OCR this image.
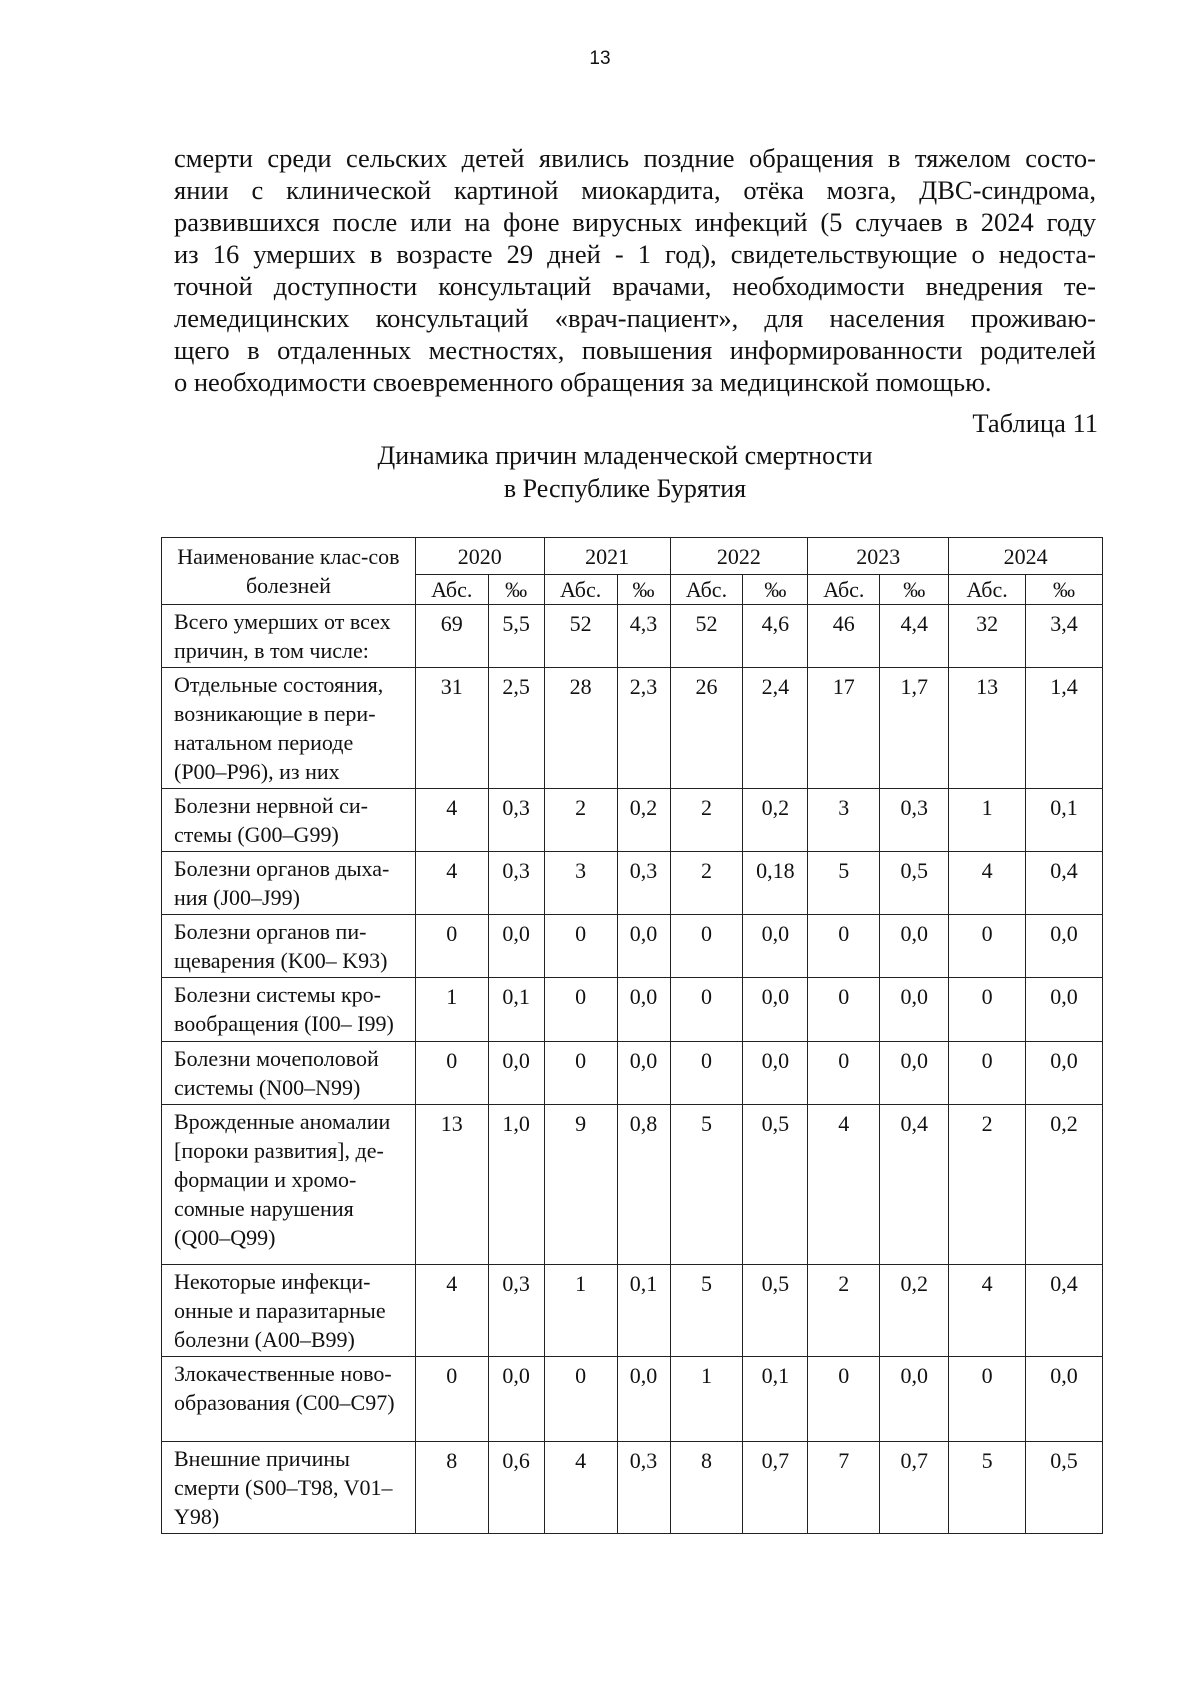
13
смерти среди сельских детей явились поздние обращения в тяжелом состо-
янии с клинической картиной миокардита, отёка мозга, ДВС-синдрома,
развившихся после или на фоне вирусных инфекций (5 случаев в 2024 году
из 16 умерших в возрасте 29 дней - 1 год), свидетельствующие о недоста-
точной доступности консультаций врачами, необходимости внедрения те-
лемедицинских консультаций «врач-пациент», для населения проживаю-
щего в отдаленных местностях, повышения информированности родителей
о необходимости своевременного обращения за медицинской помощью.
Таблица 11
Динамика причин младенческой смертности
в Республике Бурятия
Наименование клас-сов болезней	2020		2021		2022		2023		2024	
	Абс.	‰	Абс.	‰	Абс.	‰	Абс.	‰	Абс.	‰
Всего умерших от всех причин, в том числе:	69	5,5	52	4,3	52	4,6	46	4,4	32	3,4
Отдельные состояния, возникающие в пери-натальном периоде (P00–P96), из них	31	2,5	28	2,3	26	2,4	17	1,7	13	1,4
Болезни нервной си-стемы (G00–G99)	4	0,3	2	0,2	2	0,2	3	0,3	1	0,1
Болезни органов дыха-ния (J00–J99)	4	0,3	3	0,3	2	0,18	5	0,5	4	0,4
Болезни органов пи-щеварения (K00– K93)	0	0,0	0	0,0	0	0,0	0	0,0	0	0,0
Болезни системы кро-вообращения (I00– I99)	1	0,1	0	0,0	0	0,0	0	0,0	0	0,0
Болезни мочеполовой системы (N00–N99)	0	0,0	0	0,0	0	0,0	0	0,0	0	0,0
Врожденные аномалии [пороки развития], де-формации и хромо-сомные нарушения (Q00–Q99)	13	1,0	9	0,8	5	0,5	4	0,4	2	0,2
Некоторые инфекци-онные и паразитарные болезни (A00–B99)	4	0,3	1	0,1	5	0,5	2	0,2	4	0,4
Злокачественные ново-образования (C00–C97)	0	0,0	0	0,0	1	0,1	0	0,0	0	0,0
Внешние причины смерти (S00–T98, V01–Y98)	8	0,6	4	0,3	8	0,7	7	0,7	5	0,5
